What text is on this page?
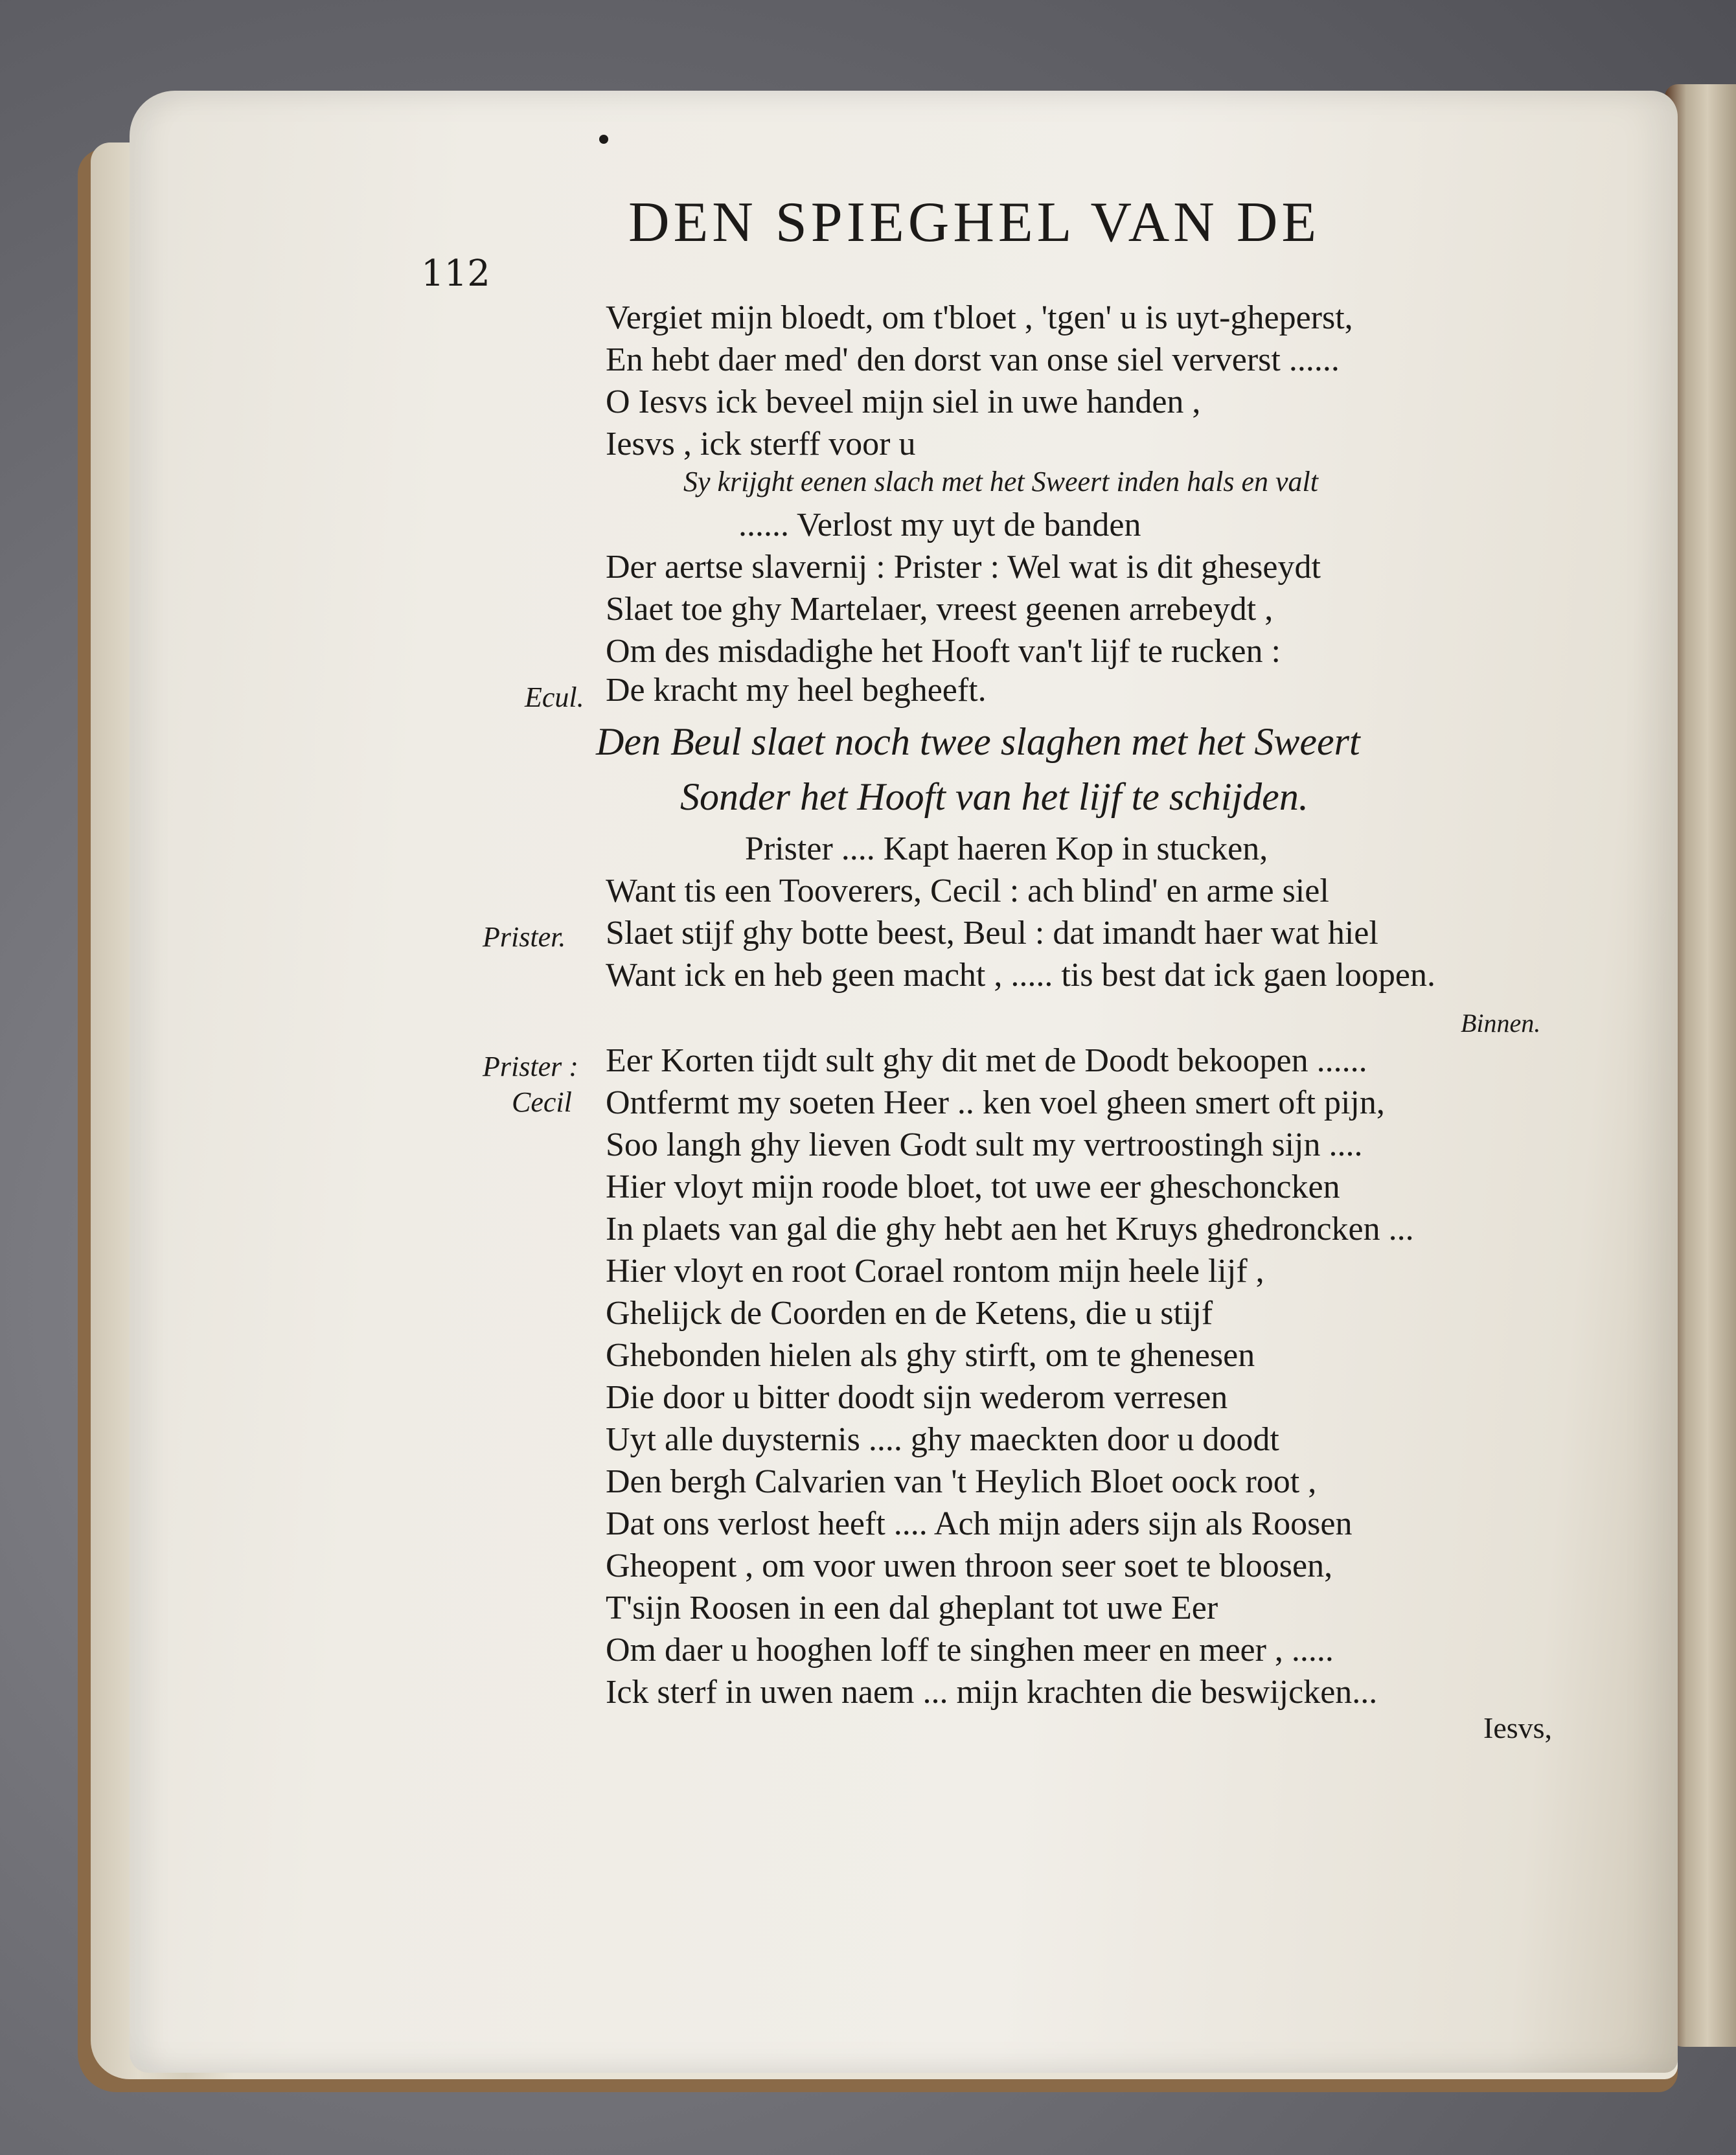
112
DEN SPIEGHEL VAN DE
Vergiet mijn bloedt, om t'bloet , 'tgen' u is uyt-gheperst,
En hebt daer med' den dorst van onse siel ververst ......
O Iesvs ick beveel mijn siel in uwe handen ,
Iesvs , ick sterff voor u
Sy krijght eenen slach met het Sweert inden hals en valt
...... Verlost my uyt de banden
Der aertse slavernij : Prister : Wel wat is dit gheseydt
Slaet toe ghy Martelaer, vreest geenen arrebeydt ,
Om des misdadighe het Hooft van't lijf te rucken :
Ecul. De kracht my heel begheeft.
Den Beul slaet noch twee slaghen met het Sweert
Sonder het Hooft van het lijf te schijden.
Prister .... Kapt haeren Kop in stucken,
Want tis een Tooverers, Cecil : ach blind' en arme siel
Prister. Slaet stijf ghy botte beest, Beul : dat imandt haer wat hiel
Want ick en heb geen macht , ..... tis best dat ick gaen loopen.
Binnen.
Prister : Eer Korten tijdt sult ghy dit met de Doodt bekoopen ......
Cecil Ontfermt my soeten Heer .. ken voel gheen smert oft pijn,
Soo langh ghy lieven Godt sult my vertroostingh sijn ....
Hier vloyt mijn roode bloet, tot uwe eer gheschoncken
In plaets van gal die ghy hebt aen het Kruys ghedroncken ...
Hier vloyt en root Corael rontom mijn heele lijf ,
Ghelijck de Coorden en de Ketens, die u stijf
Ghebonden hielen als ghy stirft, om te ghenesen
Die door u bitter doodt sijn wederom verresen
Uyt alle duysternis .... ghy maeckten door u doodt
Den bergh Calvarien van 't Heylich Bloet oock root ,
Dat ons verlost heeft .... Ach mijn aders sijn als Roosen
Gheopent , om voor uwen throon seer soet te bloosen,
T'sijn Roosen in een dal gheplant tot uwe Eer
Om daer u hooghen loff te singhen meer en meer , .....
Ick sterf in uwen naem ... mijn krachten die beswijcken...
Iesvs,
